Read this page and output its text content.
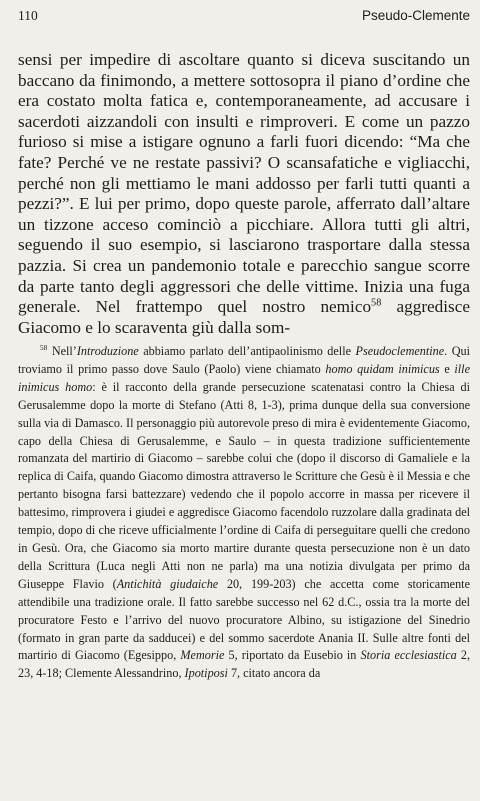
110	Pseudo-Clemente
sensi per impedire di ascoltare quanto si diceva suscitando un baccano da finimondo, a mettere sottosopra il piano d’ordine che era costato molta fatica e, contemporaneamente, ad accusare i sacerdoti aizzandoli con insulti e rimproveri. E come un pazzo furioso si mise a istigare ognuno a farli fuori dicendo: “Ma che fate? Perché ve ne restate passivi? O scansafatiche e vigliacchi, perché non gli mettiamo le mani addosso per farli tutti quanti a pezzi?”. E lui per primo, dopo queste parole, afferrato dall’altare un tizzone acceso cominciò a picchiare. Allora tutti gli altri, seguendo il suo esempio, si lasciarono trasportare dalla stessa pazzia. Si crea un pandemonio totale e parecchio sangue scorre da parte tanto degli aggressori che delle vittime. Inizia una fuga generale. Nel frattempo quel nostro nemico$^{58}$ aggredisce Giacomo e lo scaraventa giù dalla som-
$^{58}$ Nell’Introduzione abbiamo parlato dell’antipaolinismo delle Pseudoclementine. Qui troviamo il primo passo dove Saulo (Paolo) viene chiamato homo quidam inimicus e ille inimicus homo: è il racconto della grande persecuzione scatenatasi contro la Chiesa di Gerusalemme dopo la morte di Stefano (Atti 8, 1-3), prima dunque della sua conversione sulla via di Damasco. Il personaggio più autorevole preso di mira è evidentemente Giacomo, capo della Chiesa di Gerusalemme, e Saulo – in questa tradizione sufficientemente romanzata del martirio di Giacomo – sarebbe colui che (dopo il discorso di Gamaliele e la replica di Caifa, quando Giacomo dimostra attraverso le Scritture che Gesù è il Messia e che pertanto bisogna farsi battezzare) vedendo che il popolo accorre in massa per ricevere il battesimo, rimprovera i giudei e aggredisce Giacomo facendolo ruzzolare dalla gradinata del tempio, dopo di che riceve ufficialmente l’ordine di Caifa di perseguitare quelli che credono in Gesù. Ora, che Giacomo sia morto martire durante questa persecuzione non è un dato della Scrittura (Luca negli Atti non ne parla) ma una notizia divulgata per primo da Giuseppe Flavio (Antichità giudaiche 20, 199-203) che accetta come storicamente attendibile una tradizione orale. Il fatto sarebbe successo nel 62 d.C., ossia tra la morte del procuratore Festo e l’arrivo del nuovo procuratore Albino, su istigazione del Sinedrio (formato in gran parte da sadducei) e del sommo sacerdote Anania II. Sulle altre fonti del martirio di Giacomo (Egesippo, Memorie 5, riportato da Eusebio in Storia ecclesiastica 2, 23, 4-18; Clemente Alessandrino, Ipotiposi 7, citato ancora da
